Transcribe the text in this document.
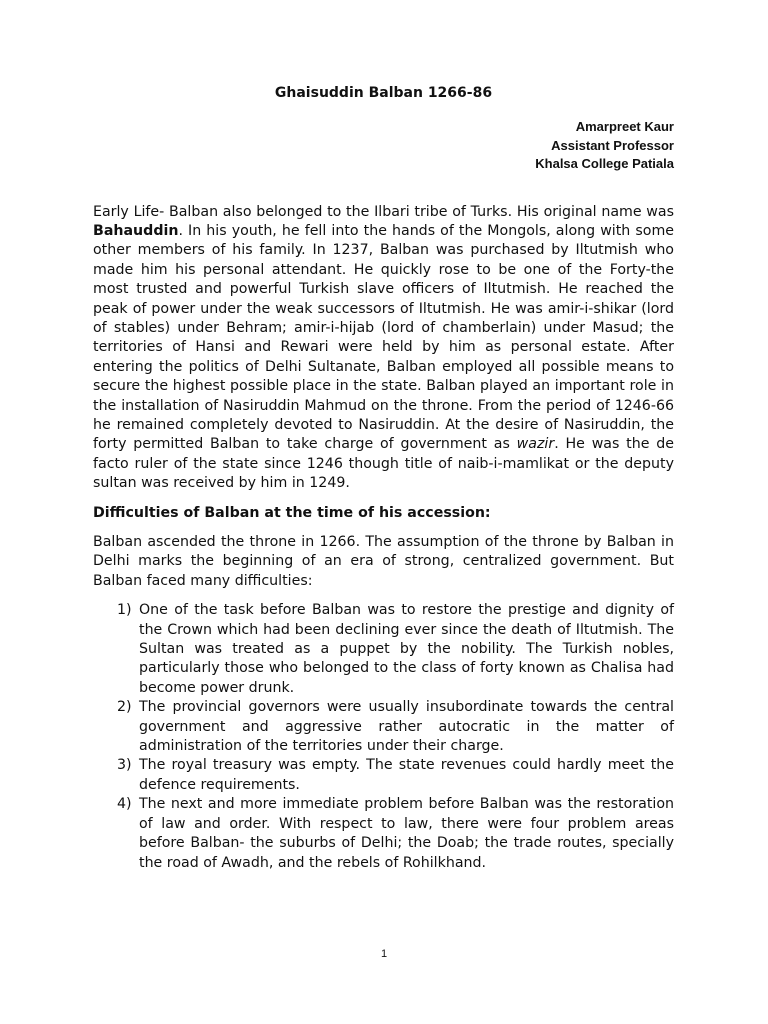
Ghaisuddin Balban 1266-86
Amarpreet Kaur
Assistant Professor
Khalsa College Patiala

Early Life- Balban also belonged to the Ilbari tribe of Turks. His original name was Bahauddin. In his youth, he fell into the hands of the Mongols, along with some other members of his family. In 1237, Balban was purchased by Iltutmish who made him his personal attendant. He quickly rose to be one of the Forty-the most trusted and powerful Turkish slave officers of Iltutmish. He reached the peak of power under the weak successors of Iltutmish. He was amir-i-shikar (lord of stables) under Behram; amir-i-hijab (lord of chamberlain) under Masud; the territories of Hansi and Rewari were held by him as personal estate. After entering the politics of Delhi Sultanate, Balban employed all possible means to secure the highest possible place in the state. Balban played an important role in the installation of Nasiruddin Mahmud on the throne. From the period of 1246-66 he remained completely devoted to Nasiruddin. At the desire of Nasiruddin, the forty permitted Balban to take charge of government as wazir. He was the de facto ruler of the state since 1246 though title of naib-i-mamlikat or the deputy sultan was received by him in 1249.

Difficulties of Balban at the time of his accession:

Balban ascended the throne in 1266. The assumption of the throne by Balban in Delhi marks the beginning of an era of strong, centralized government. But Balban faced many difficulties:

1) One of the task before Balban was to restore the prestige and dignity of the Crown which had been declining ever since the death of Iltutmish. The Sultan was treated as a puppet by the nobility. The Turkish nobles, particularly those who belonged to the class of forty known as Chalisa had become power drunk.
2) The provincial governors were usually insubordinate towards the central government and aggressive rather autocratic in the matter of administration of the territories under their charge.
3) The royal treasury was empty. The state revenues could hardly meet the defence requirements.
4) The next and more immediate problem before Balban was the restoration of law and order. With respect to law, there were four problem areas before Balban- the suburbs of Delhi; the Doab; the trade routes, specially the road of Awadh, and the rebels of Rohilkhand.
1
